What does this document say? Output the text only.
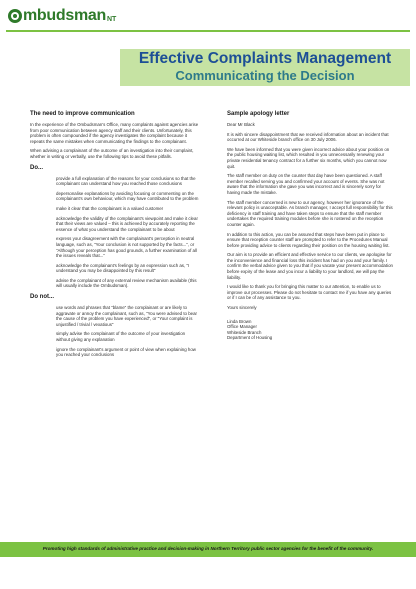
mbudsman NT
Effective Complaints Management
Communicating the Decision
The need to improve communication

In the experience of the Ombudsman's Office, many complaints against agencies arise from poor communication between agency staff and their clients. Unfortunately, this problem is often compounded if the agency investigates the complaint because it repeats the same mistakes when communicating the findings to the complainant.

When advising a complainant of the outcome of an investigation into their complaint, whether in writing or verbally, use the following tips to avoid these pitfalls.

Do...
provide a full explanation of the reasons for your conclusions so that the complainant can understand how you reached those conclusions
depersonalise explanations by avoiding focusing or commenting on the complainant's own behaviour, which may have contributed to the problem
make it clear that the complainant is a valued customer
acknowledge the validity of the complainant's viewpoint and make it clear that their views are valued – this is achieved by accurately reporting the essence of what you understand the complainant to be about
express your disagreement with the complainant's perception in neutral language, such as, "Your conclusion is not supported by the facts...", or "Although your perception has good grounds, a further examination of all the issues reveals that..."
acknowledge the complainant's feelings by an expression such as, "I understand you may be disappointed by this result"
advise the complainant of any external review mechanism available (this will usually include the Ombudsman).
Do not...
use words and phrases that "blame" the complainant or are likely to aggravate or annoy the complainant, such as, "You were advised to bear the cause of the problem you have experienced", or "Your complaint is unjustified / trivial / vexatious"
simply advise the complainant of the outcome of your investigation without giving any explanation
ignore the complainant's argument or point of view when explaining how you reached your conclusions
Sample apology letter

Dear Mr Black

It is with sincere disappointment that we received information about an incident that occurred at our Whiteside branch office on 30 July 2006.

We have been informed that you were given incorrect advice about your position on the public housing waiting list, which resulted in you unnecessarily renewing your private residential tenancy contract for a further six months, which you cannot now quit.

The staff member on duty on the counter that day have been questioned. A staff member recalled serving you and confirmed your account of events. She was not aware that the information she gave you was incorrect and is sincerely sorry for having made the mistake.

The staff member concerned is new to our agency, however her ignorance of the relevant policy is unacceptable. As branch manager, I accept full responsibility for this deficiency in staff training and have taken steps to ensure that the staff member undertakes the required training modules before she is rostered on the reception counter again.

In addition to this action, you can be assured that steps have been put in place to ensure that reception counter staff are prompted to refer to the Procedures Manual before providing advice to clients regarding their position on the housing waiting list.

Our aim is to provide an efficient and effective service to our clients, we apologise for the inconvenience and financial loss this incident has had on you and your family. I confirm the verbal advice given to you that if you vacate your present accommodation before expiry of the lease and you incur a liability to your landlord, we will pay the liability.

I would like to thank you for bringing this matter to our attention, to enable us to improve our processes. Please do not hesitate to contact me if you have any queries or if I can be of any assistance to you.

Yours sincerely

Linda Brown

Office Manager

Whiteside Branch

Department of Housing

Promoting high standards of administrative practice and decision-making in Northern Territory public sector agencies for the benefit of the community.
